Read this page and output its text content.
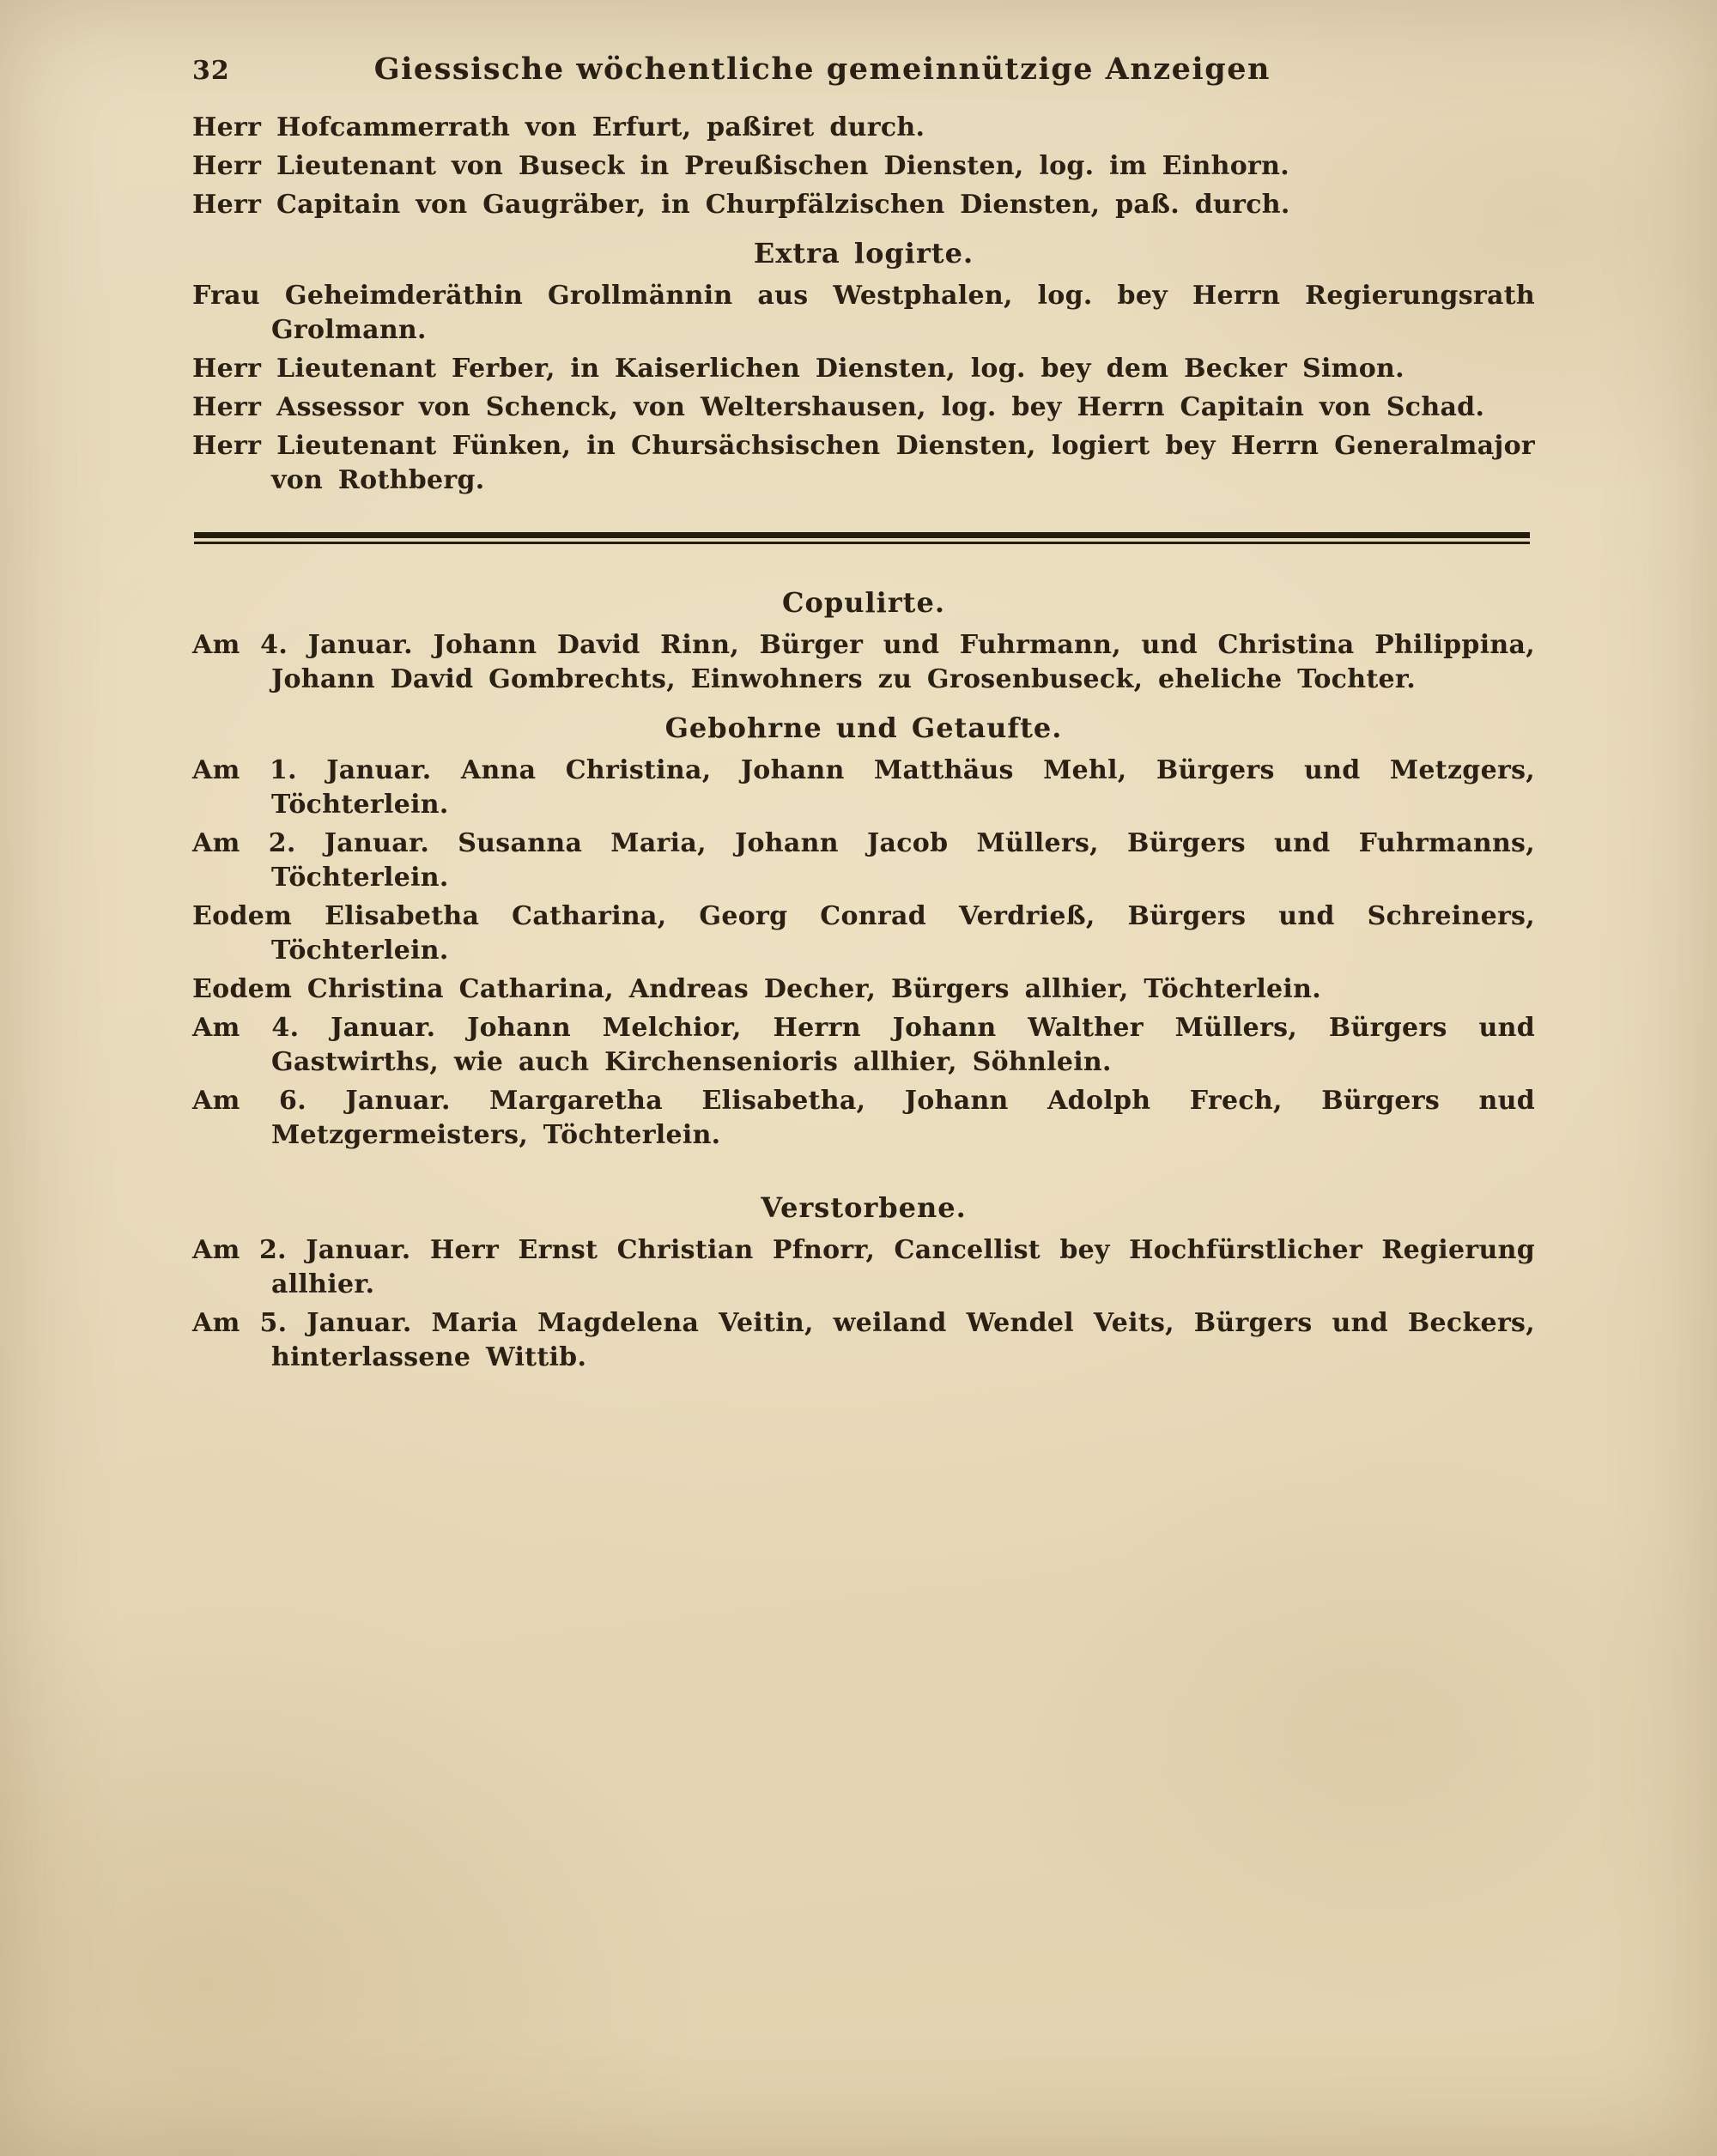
32	Giessische wöchentliche gemeinnützige Anzeigen

Herr Hofcammerrath von Erfurt, paßiret durch.

Herr Lieutenant von Buseck in Preußischen Diensten, log. im Einhorn.

Herr Capitain von Gaugräber, in Churpfälzischen Diensten, paß. durch.

Extra logirte.

Frau Geheimderäthin Grollmännin aus Westphalen, log. bey Herrn Regierungsrath Grolmann.

Herr Lieutenant Ferber, in Kaiserlichen Diensten, log. bey dem Becker Simon.

Herr Assessor von Schenck, von Weltershausen, log. bey Herrn Capitain von Schad.

Herr Lieutenant Fünken, in Chursächsischen Diensten, logiert bey Herrn Generalmajor von Rothberg.

Copulirte.

Am 4. Januar. Johann David Rinn, Bürger und Fuhrmann, und Christina Philippina, Johann David Gombrechts, Einwohners zu Grosenbuseck, eheliche Tochter.

Gebohrne und Getaufte.

Am 1. Januar. Anna Christina, Johann Matthäus Mehl, Bürgers und Metzgers, Töchterlein.

Am 2. Januar. Susanna Maria, Johann Jacob Müllers, Bürgers und Fuhrmanns, Töchterlein.

Eodem Elisabetha Catharina, Georg Conrad Verdrieß, Bürgers und Schreiners, Töchterlein.

Eodem Christina Catharina, Andreas Decher, Bürgers allhier, Töchterlein.

Am 4. Januar. Johann Melchior, Herrn Johann Walther Müllers, Bürgers und Gastwirths, wie auch Kirchensenioris allhier, Söhnlein.

Am 6. Januar. Margaretha Elisabetha, Johann Adolph Frech, Bürgers nud Metzgermeisters, Töchterlein.

Verstorbene.

Am 2. Januar. Herr Ernst Christian Pfnorr, Cancellist bey Hochfürstlicher Regierung allhier.

Am 5. Januar. Maria Magdelena Veitin, weiland Wendel Veits, Bürgers und Beckers, hinterlassene Wittib.
